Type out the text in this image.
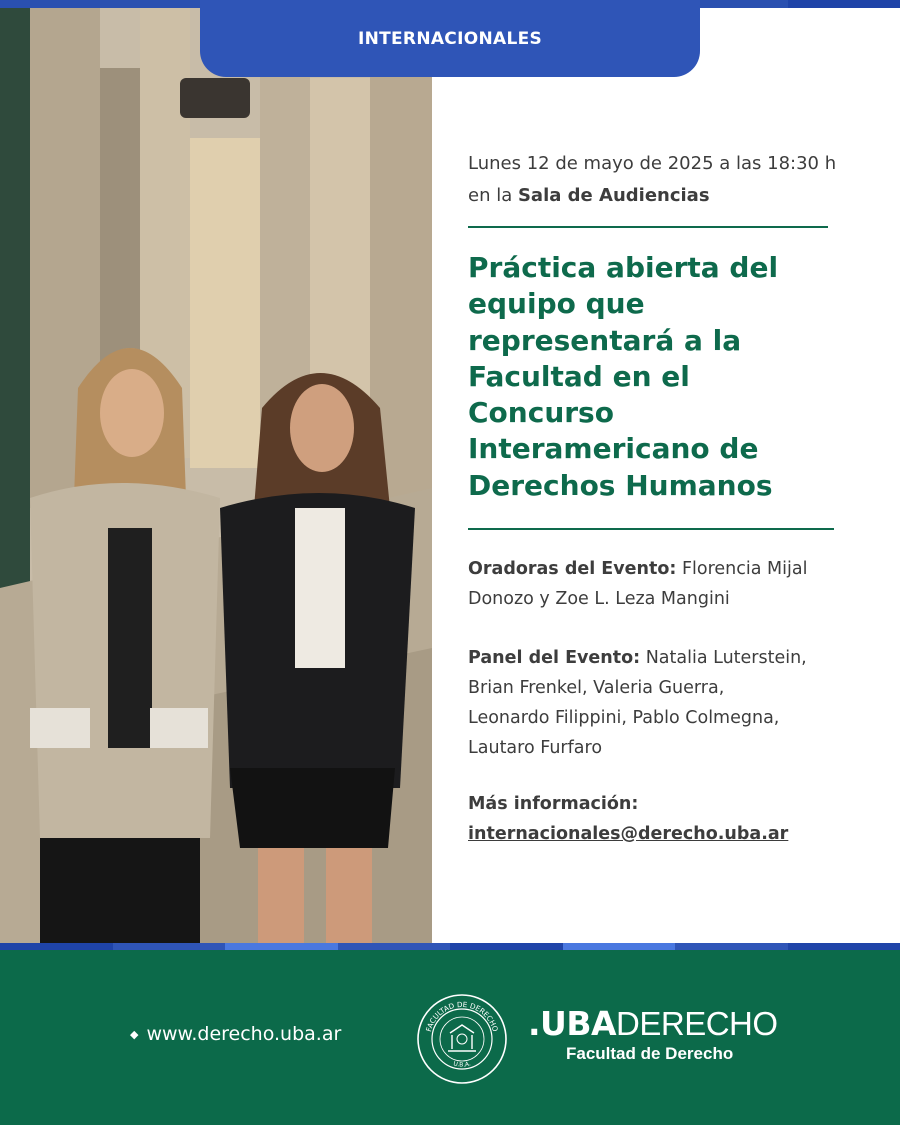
INTERNACIONALES
Lunes 12 de mayo de 2025 a las 18:30 h
en la Sala de Audiencias
Práctica abierta del
equipo que
representará a la
Facultad en el
Concurso
Interamericano de
Derechos Humanos
Oradoras del Evento: Florencia Mijal
Donozo y Zoe L. Leza Mangini
Panel del Evento: Natalia Luterstein,
Brian Frenkel, Valeria Guerra,
Leonardo Filippini, Pablo Colmegna,
Lautaro Furfaro
Más información:
internacionales@derecho.uba.ar
◆ www.derecho.uba.ar	FACULTAD DE DERECHO
U.B.A.
.UBADERECHO
Facultad de Derecho
